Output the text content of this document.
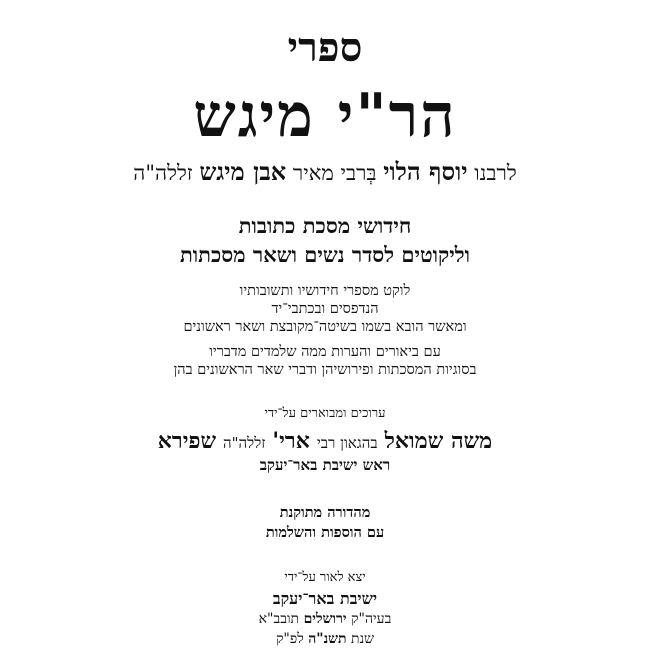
ספרי
הר"י מיגש
לרבנו יוסף הלוי בְּרבי מאיר אבן מיגש זללה"ה
חידושי מסכת כתובות
וליקוטים לסדר נשים ושאר מסכתות
לוקט מספרי חידושיו ותשובותיו
הנדפסים ובכתבי־יד
ומאשר הובא בשמו בשיטה־מקובצת ושאר ראשונים
עם ביאורים והערות ממה שלמדים מדבריו
בסוגיות המסכתות ופירושיהן ודברי שאר הראשונים בהן
ערוכים ומבוארים על־ידי
משה שמואל בהגאון רבי ארי' זללה"ה שפירא
ראש ישיבת באר־יעקב
מהדורה מתוקנת
עם הוספות והשלמות
יצא לאור על־ידי
ישיבת באר־יעקב
בעיה"ק ירושלים תובב"א
שנת תשנ"ה לפ"ק
